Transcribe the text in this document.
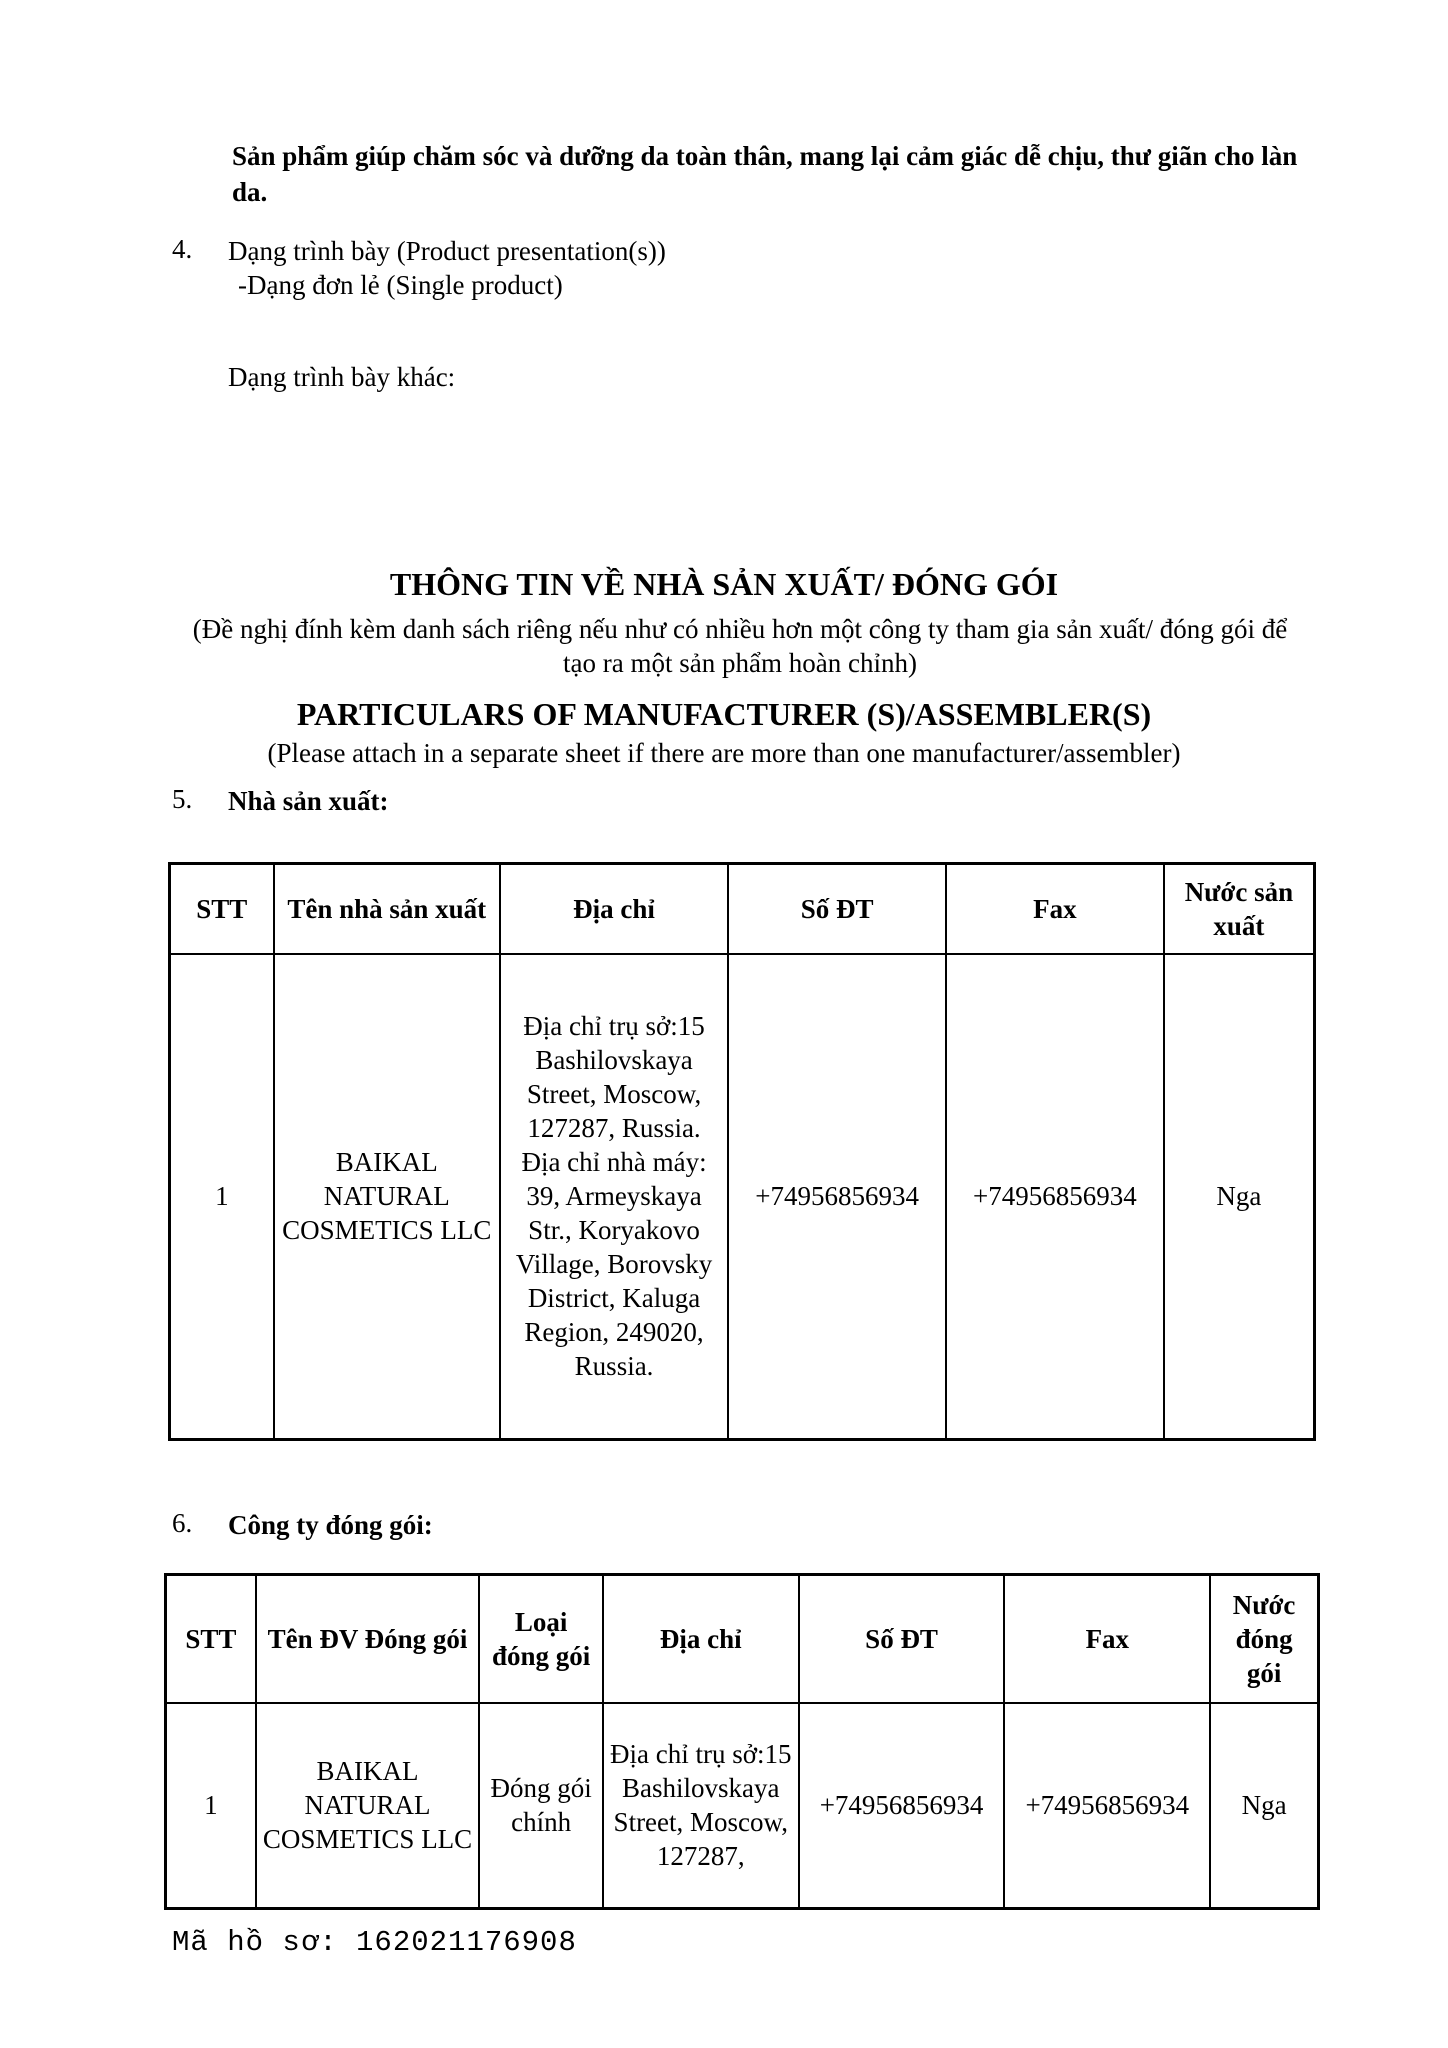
Sản phẩm giúp chăm sóc và dưỡng da toàn thân, mang lại cảm giác dễ chịu, thư giãn cho làn da.
4. Dạng trình bày (Product presentation(s))
-Dạng đơn lẻ (Single product)
Dạng trình bày khác:
THÔNG TIN VỀ NHÀ SẢN XUẤT/ ĐÓNG GÓI
(Đề nghị đính kèm danh sách riêng nếu như có nhiều hơn một công ty tham gia sản xuất/ đóng gói để tạo ra một sản phẩm hoàn chỉnh)
PARTICULARS OF MANUFACTURER (S)/ASSEMBLER(S)
(Please attach in a separate sheet if there are more than one manufacturer/assembler)
5. Nhà sản xuất:
STT	Tên nhà sản xuất	Địa chỉ	Số ĐT	Fax	Nước sản xuất
1	BAIKAL NATURAL COSMETICS LLC	Địa chỉ trụ sở:15 Bashilovskaya Street, Moscow, 127287, Russia. Địa chỉ nhà máy: 39, Armeyskaya Str., Koryakovo Village, Borovsky District, Kaluga Region, 249020, Russia.	+74956856934	+74956856934	Nga
6. Công ty đóng gói:
STT	Tên ĐV Đóng gói	Loại đóng gói	Địa chỉ	Số ĐT	Fax	Nước đóng gói
1	BAIKAL NATURAL COSMETICS LLC	Đóng gói chính	Địa chỉ trụ sở:15 Bashilovskaya Street, Moscow, 127287,	+74956856934	+74956856934	Nga
Mã hồ sơ: 162021176908
